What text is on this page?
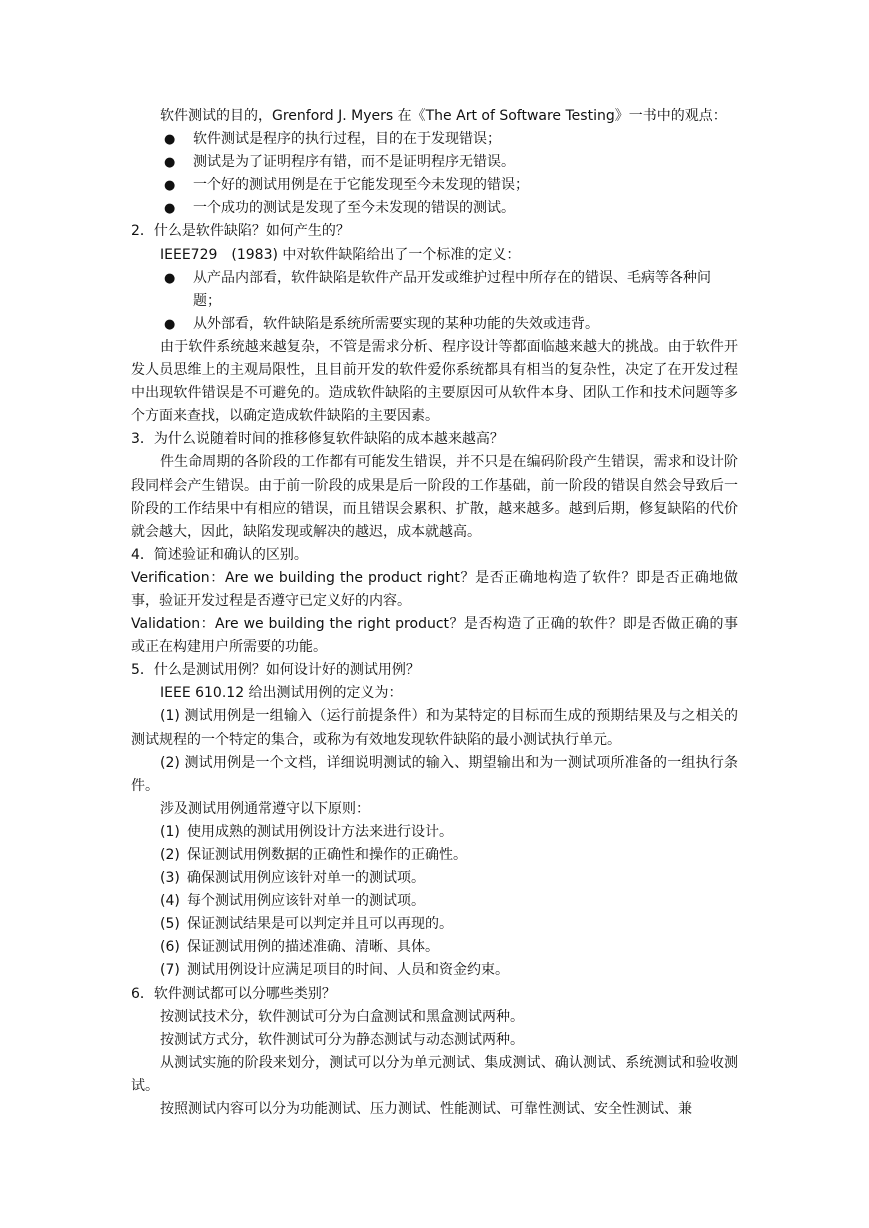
软件测试的目的，Grenford J. Myers 在《The Art of Software Testing》一书中的观点：
●	软件测试是程序的执行过程，目的在于发现错误；
●	测试是为了证明程序有错，而不是证明程序无错误。
●	一个好的测试用例是在于它能发现至今未发现的错误；
●	一个成功的测试是发现了至今未发现的错误的测试。
2．什么是软件缺陷？如何产生的？
IEEE729　(1983) 中对软件缺陷给出了一个标准的定义：
●	从产品内部看，软件缺陷是软件产品开发或维护过程中所存在的错误、毛病等各种问题；
●	从外部看，软件缺陷是系统所需要实现的某种功能的失效或违背。
由于软件系统越来越复杂，不管是需求分析、程序设计等都面临越来越大的挑战。由于软件开发人员思维上的主观局限性，且目前开发的软件爱你系统都具有相当的复杂性，决定了在开发过程中出现软件错误是不可避免的。造成软件缺陷的主要原因可从软件本身、团队工作和技术问题等多个方面来查找，以确定造成软件缺陷的主要因素。
3．为什么说随着时间的推移修复软件缺陷的成本越来越高？
件生命周期的各阶段的工作都有可能发生错误，并不只是在编码阶段产生错误，需求和设计阶段同样会产生错误。由于前一阶段的成果是后一阶段的工作基础，前一阶段的错误自然会导致后一阶段的工作结果中有相应的错误，而且错误会累积、扩散，越来越多。越到后期，修复缺陷的代价就会越大，因此，缺陷发现或解决的越迟，成本就越高。
4．简述验证和确认的区别。
Verification：Are we building the product right？是否正确地构造了软件？即是否正确地做事，验证开发过程是否遵守已定义好的内容。
Validation：Are we building the right product？是否构造了正确的软件？即是否做正确的事或正在构建用户所需要的功能。
5．什么是测试用例？如何设计好的测试用例？
IEEE 610.12 给出测试用例的定义为：
(1) 测试用例是一组输入（运行前提条件）和为某特定的目标而生成的预期结果及与之相关的测试规程的一个特定的集合，或称为有效地发现软件缺陷的最小测试执行单元。
(2) 测试用例是一个文档，详细说明测试的输入、期望输出和为一测试项所准备的一组执行条件。
涉及测试用例通常遵守以下原则：
(1) 使用成熟的测试用例设计方法来进行设计。
(2) 保证测试用例数据的正确性和操作的正确性。
(3) 确保测试用例应该针对单一的测试项。
(4) 每个测试用例应该针对单一的测试项。
(5) 保证测试结果是可以判定并且可以再现的。
(6) 保证测试用例的描述准确、清晰、具体。
(7) 测试用例设计应满足项目的时间、人员和资金约束。
6．软件测试都可以分哪些类别？
按测试技术分，软件测试可分为白盒测试和黑盒测试两种。
按测试方式分，软件测试可分为静态测试与动态测试两种。
从测试实施的阶段来划分，测试可以分为单元测试、集成测试、确认测试、系统测试和验收测试。
按照测试内容可以分为功能测试、压力测试、性能测试、可靠性测试、安全性测试、兼
